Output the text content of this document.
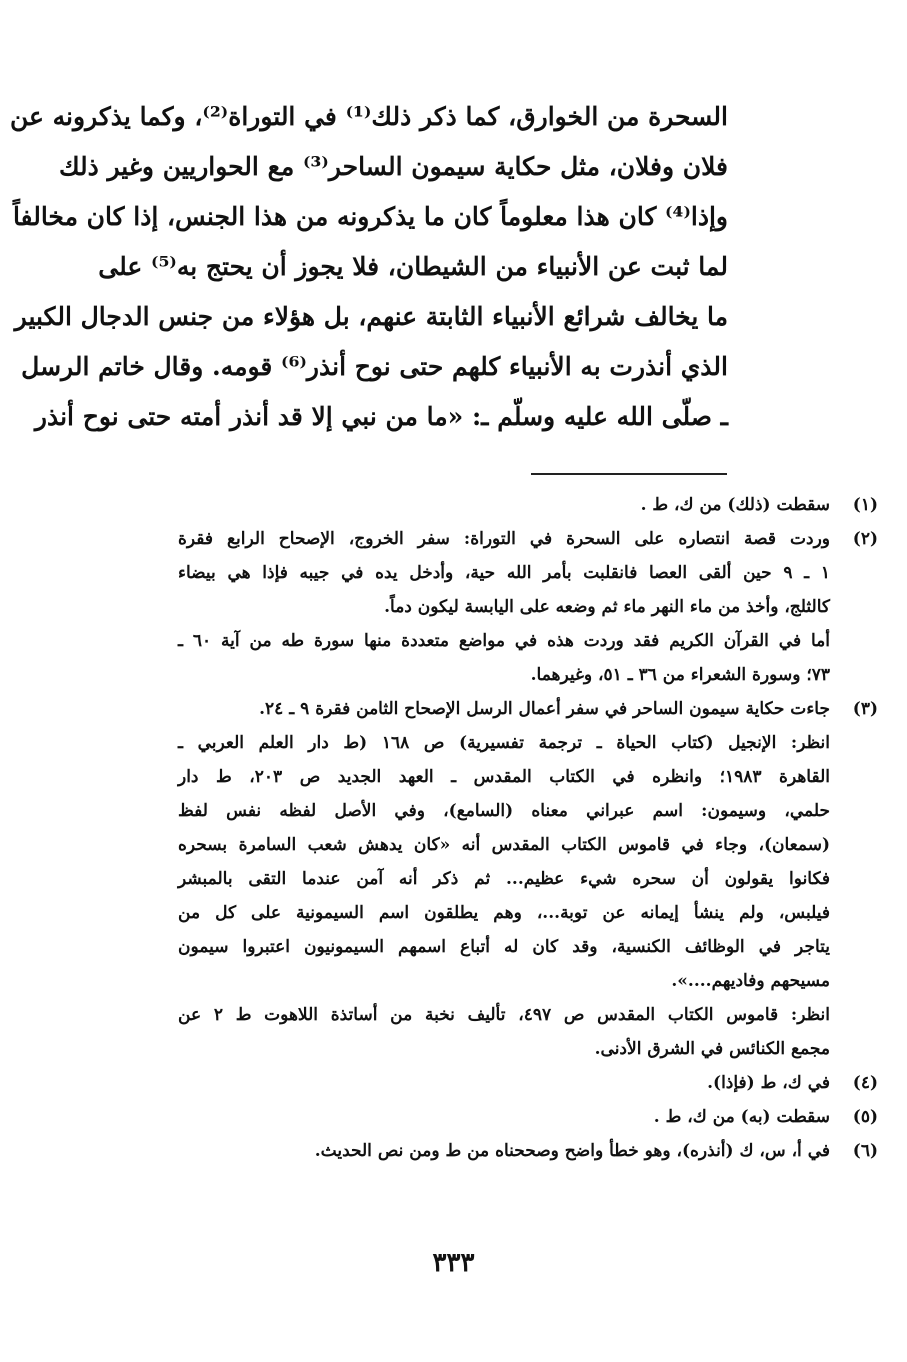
السحرة من الخوارق، كما ذكر ذلك⁽¹⁾ في التوراة⁽²⁾، وكما يذكرونه عن
فلان وفلان، مثل حكاية سيمون الساحر⁽³⁾ مع الحواريين وغير ذلك
وإذا⁽⁴⁾ كان هذا معلوماً كان ما يذكرونه من هذا الجنس، إذا كان مخالفاً
لما ثبت عن الأنبياء من الشيطان، فلا يجوز أن يحتج به⁽⁵⁾ على
ما يخالف شرائع الأنبياء الثابتة عنهم، بل هؤلاء من جنس الدجال الكبير
الذي أنذرت به الأنبياء كلهم حتى نوح أنذر⁽⁶⁾ قومه. وقال خاتم الرسل
ـ صلّى الله عليه وسلّم ـ: «ما من نبي إلا قد أنذر أمته حتى نوح أنذر
(١)
سقطت (ذلك) من ك، ط .
(٢)
وردت قصة انتصاره على السحرة في التوراة: سفر الخروج، الإصحاح الرابع فقرة
١ ـ ٩ حين ألقى العصا فانقلبت بأمر الله حية، وأدخل يده في جيبه فإذا هي بيضاء
كالثلج، وأخذ من ماء النهر ماء ثم وضعه على اليابسة ليكون دماً.
أما في القرآن الكريم فقد وردت هذه في مواضع متعددة منها سورة طه من آية ٦٠ ـ
٧٣؛ وسورة الشعراء من ٣٦ ـ ٥١، وغيرهما.
(٣)
جاءت حكاية سيمون الساحر في سفر أعمال الرسل الإصحاح الثامن فقرة ٩ ـ ٢٤.
انظر: الإنجيل (كتاب الحياة ـ ترجمة تفسيرية) ص ١٦٨ (ط دار العلم العربي ـ
القاهرة ١٩٨٣؛ وانظره في الكتاب المقدس ـ العهد الجديد ص ٢٠٣، ط دار
حلمي، وسيمون: اسم عبراني معناه (السامع)، وفي الأصل لفظه نفس لفظ
(سمعان)، وجاء في قاموس الكتاب المقدس أنه «كان يدهش شعب السامرة بسحره
فكانوا يقولون أن سحره شيء عظيم... ثم ذكر أنه آمن عندما التقى بالمبشر
فيلبس، ولم ينشأ إيمانه عن توبة...، وهم يطلقون اسم السيمونية على كل من
يتاجر في الوظائف الكنسية، وقد كان له أتباع اسمهم السيمونيون اعتبروا سيمون
مسيحهم وفاديهم....».
انظر: قاموس الكتاب المقدس ص ٤٩٧، تأليف نخبة من أساتذة اللاهوت ط ٢ عن
مجمع الكنائس في الشرق الأدنى.
(٤)
في ك، ط (فإذا).
(٥)
سقطت (به) من ك، ط .
(٦)
في أ، س، ك (أنذره)، وهو خطأ واضح وصححناه من ط ومن نص الحديث.
٣٣٣
